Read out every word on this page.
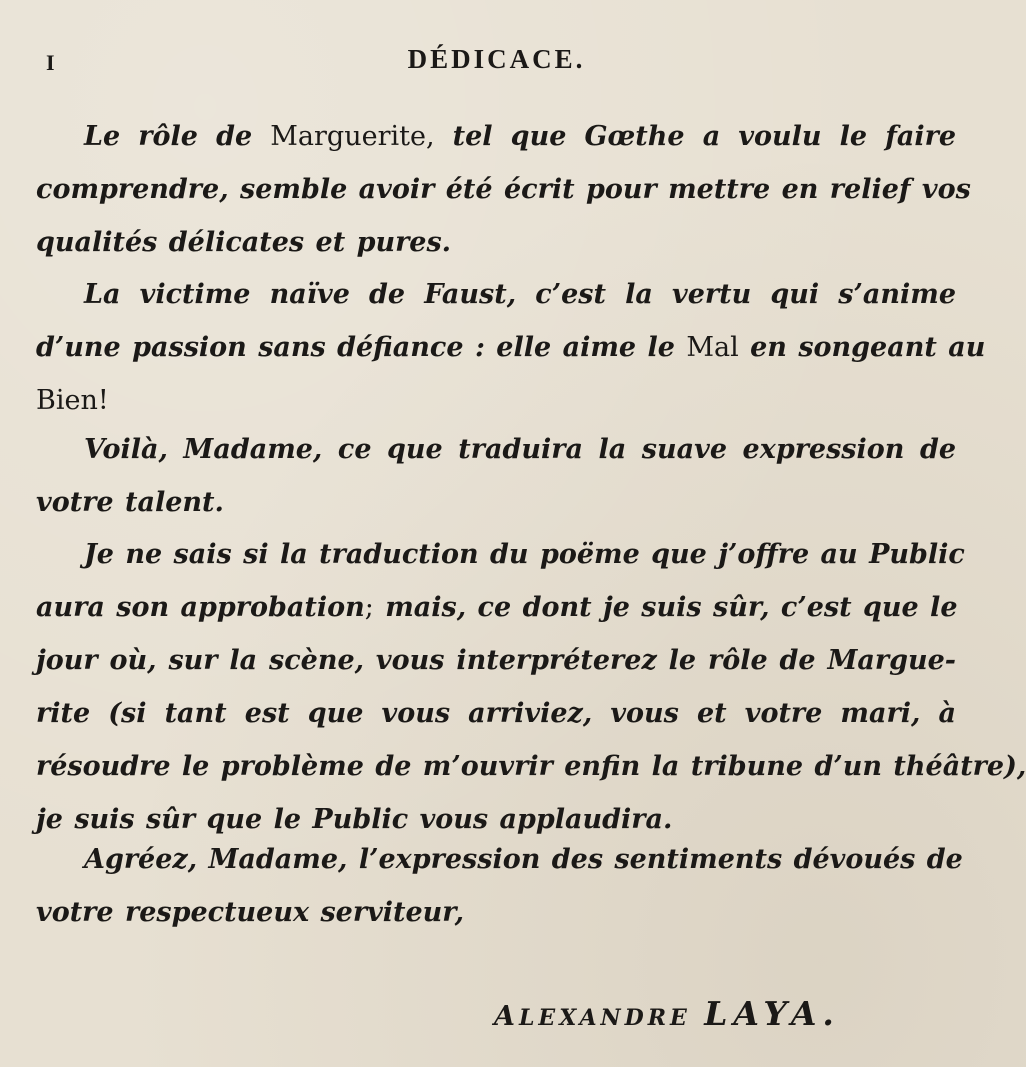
I	DÉDICACE.
Le rôle de Marguerite, tel que Gœthe a voulu le faire
comprendre, semble avoir été écrit pour mettre en relief vos
qualités délicates et pures.
La victime naïve de Faust, c’est la vertu qui s’anime
d’une passion sans défiance : elle aime le Mal en songeant au
Bien!
Voilà, Madame, ce que traduira la suave expression de
votre talent.
Je ne sais si la traduction du poëme que j’offre au Public
aura son approbation; mais, ce dont je suis sûr, c’est que le
jour où, sur la scène, vous interpréterez le rôle de Margue-
rite (si tant est que vous arriviez, vous et votre mari, à
résoudre le problème de m’ouvrir enfin la tribune d’un théâtre),
je suis sûr que le Public vous applaudira.
Agréez, Madame, l’expression des sentiments dévoués de
votre respectueux serviteur,
ALEXANDRE LAYA.
